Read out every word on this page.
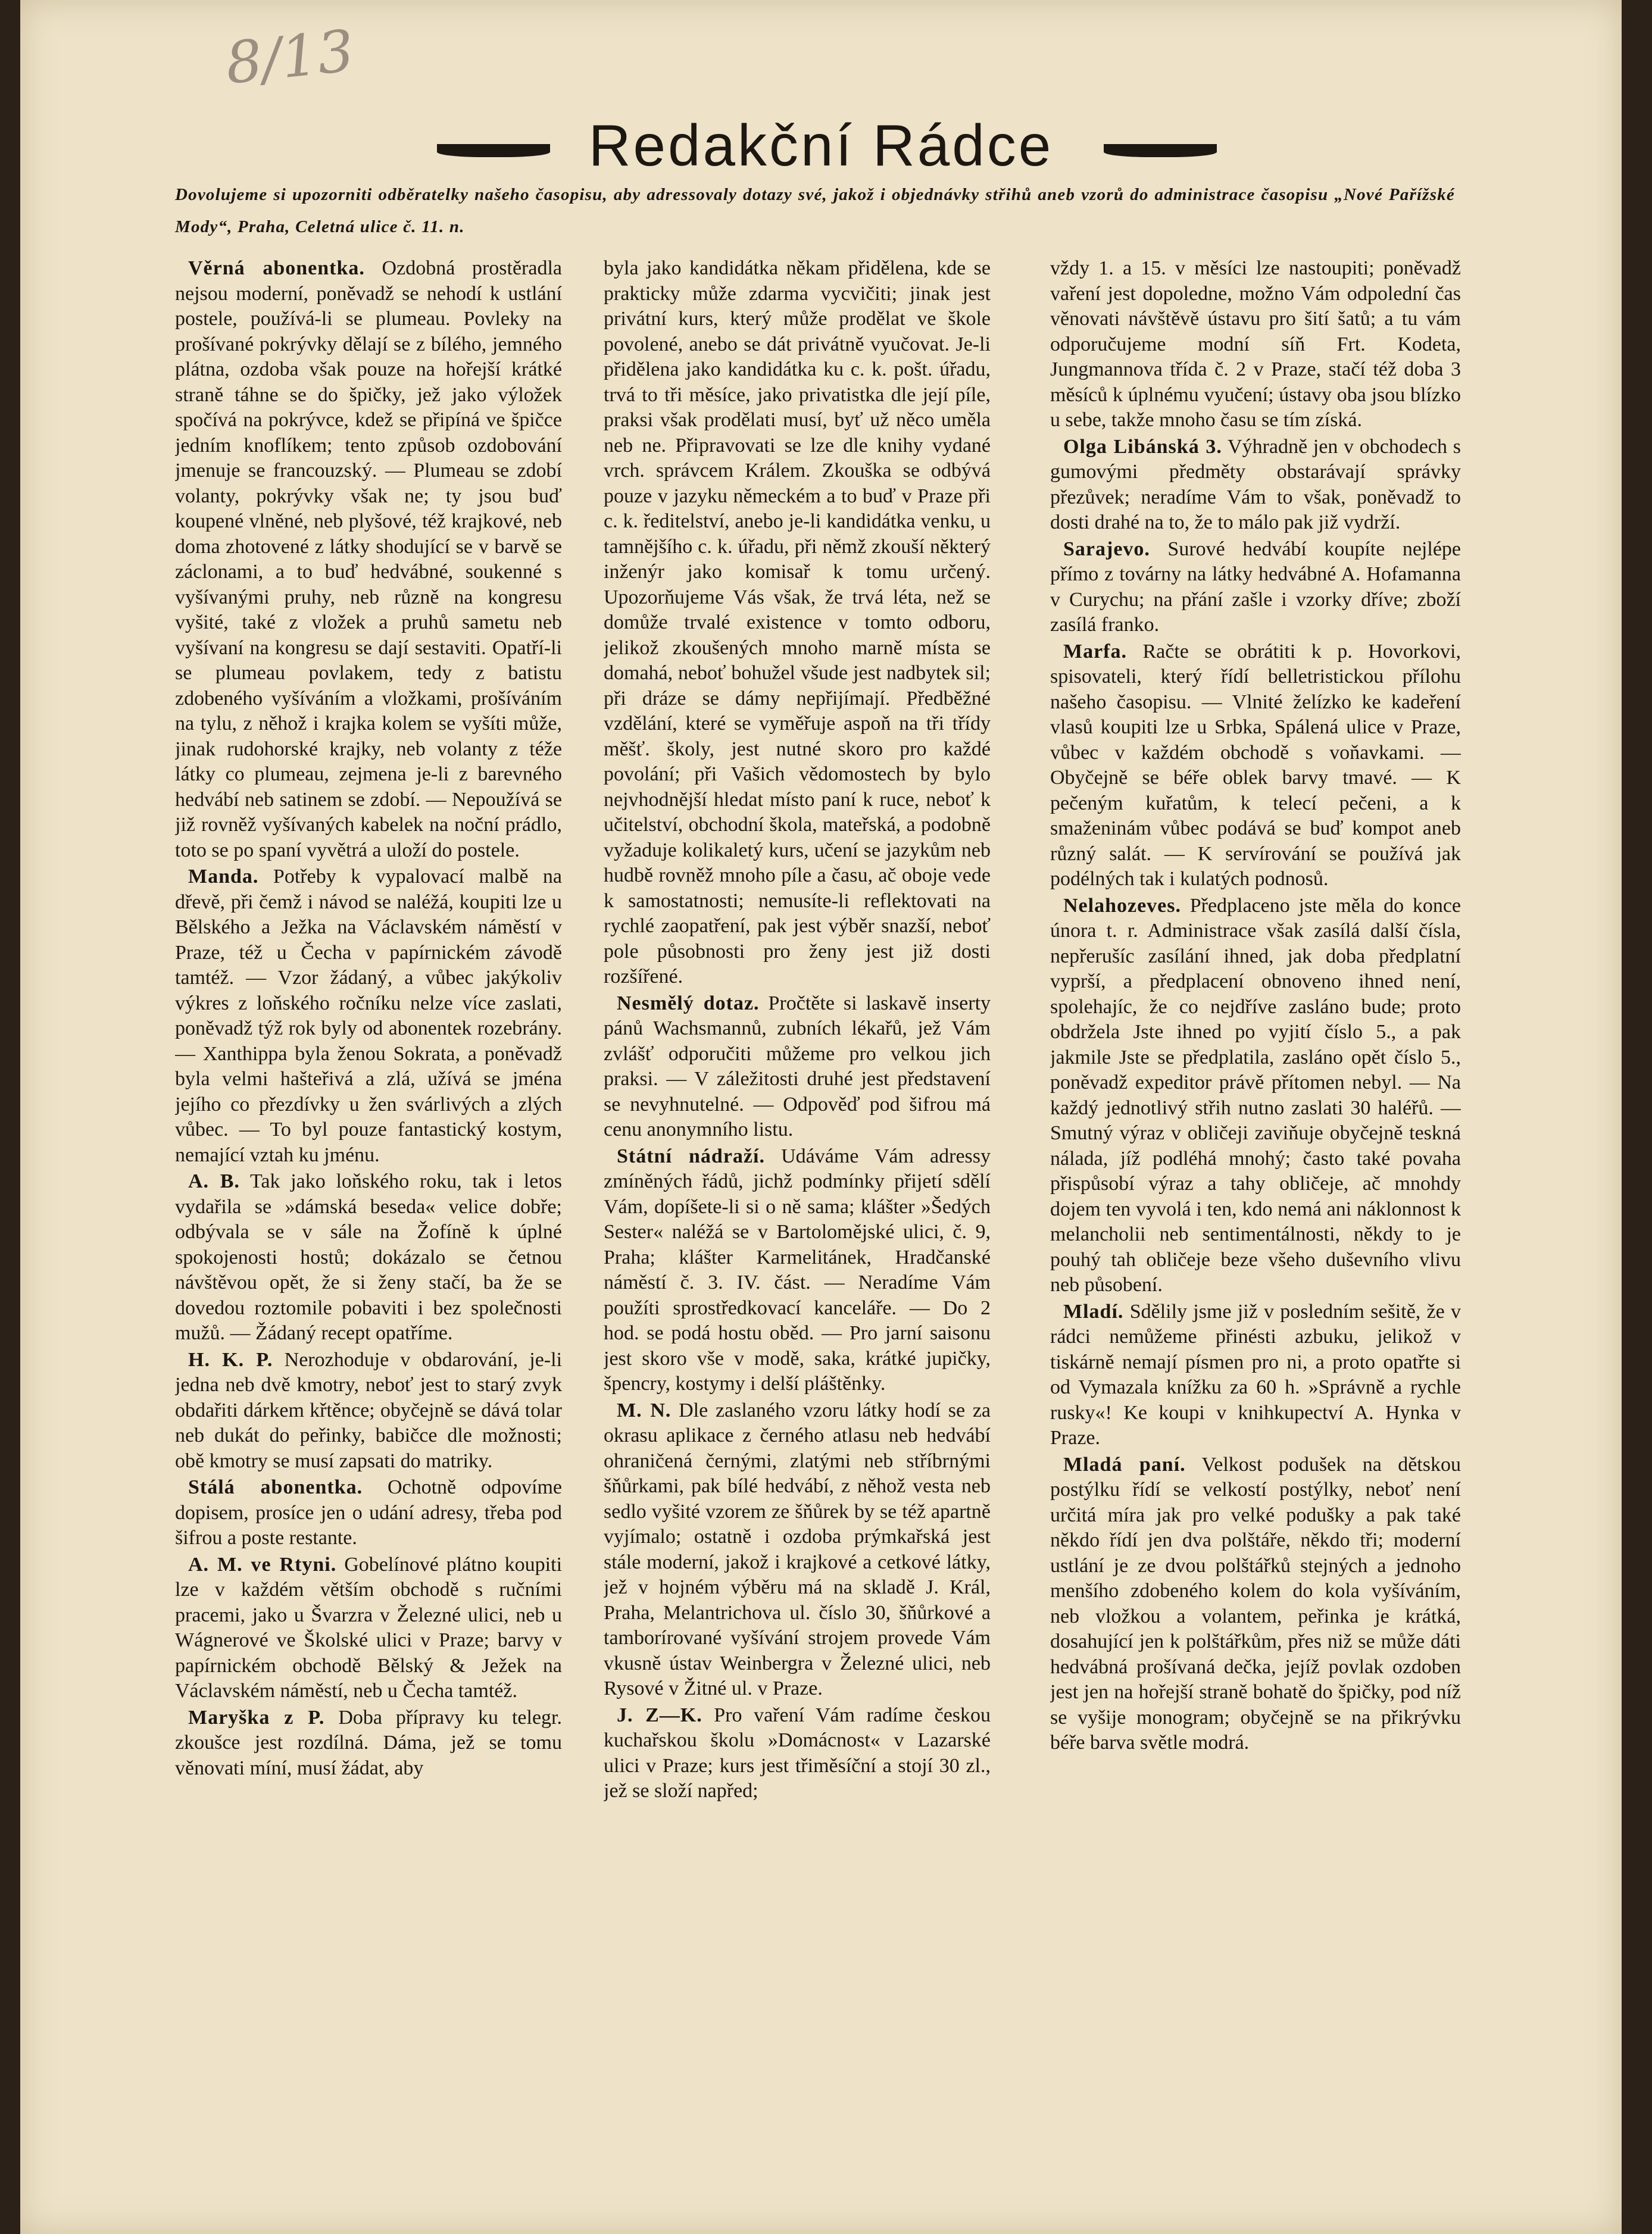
8/13
Redakční Rádce
Dovolujeme si upozorniti odběratelky našeho časopisu, aby adressovaly dotazy své, jakož i objednávky střihů aneb vzorů do administrace časopisu „Nové Pařížské Mody“, Praha, Celetná ulice č. 11. n.

Věrná abonentka. Ozdobná prostěradla nejsou moderní, poněvadž se nehodí k ustlání postele, používá-li se plumeau. Povleky na prošívané pokrývky dělají se z bílého, jemného plátna, ozdoba však pouze na hořejší krátké straně táhne se do špičky, jež jako výložek spočívá na pokrývce, kdež se připíná ve špičce jedním knoflíkem; tento způsob ozdobování jmenuje se francouzský. — Plumeau se zdobí volanty, pokrývky však ne; ty jsou buď koupené vlněné, neb plyšové, též krajkové, neb doma zhotovené z látky shodující se v barvě se záclonami, a to buď hedvábné, soukenné s vyšívanými pruhy, neb různě na kongresu vyšité, také z vložek a pruhů sametu neb vyšívaní na kongresu se dají sestaviti. Opatří-li se plumeau povlakem, tedy z batistu zdobeného vyšíváním a vložkami, prošíváním na tylu, z něhož i krajka kolem se vyšíti může, jinak rudohorské krajky, neb volanty z téže látky co plumeau, zejmena je-li z barevného hedvábí neb satinem se zdobí. — Nepoužívá se již rovněž vyšívaných kabelek na noční prádlo, toto se po spaní vyvětrá a uloží do postele.

Manda. Potřeby k vypalovací malbě na dřevě, při čemž i návod se naléžá, koupiti lze u Bělského a Ježka na Václavském náměstí v Praze, též u Čecha v papírnickém závodě tamtéž. — Vzor žádaný, a vůbec jakýkoliv výkres z loňského ročníku nelze více zaslati, poněvadž týž rok byly od abonentek rozebrány. — Xanthippa byla ženou Sokrata, a poněvadž byla velmi hašteřivá a zlá, užívá se jména jejího co přezdívky u žen svárlivých a zlých vůbec. — To byl pouze fantastický kostym, nemající vztah ku jménu.

A. B. Tak jako loňského roku, tak i letos vydařila se »dámská beseda« velice dobře; odbývala se v sále na Žofíně k úplné spokojenosti hostů; dokázalo se četnou návštěvou opět, že si ženy stačí, ba že se dovedou roztomile pobaviti i bez společnosti mužů. — Žádaný recept opatříme.

H. K. P. Nerozhoduje v obdarování, je-li jedna neb dvě kmotry, neboť jest to starý zvyk obdařiti dárkem křtěnce; obyčejně se dává tolar neb dukát do peřinky, babičce dle možnosti; obě kmotry se musí zapsati do matriky.

Stálá abonentka. Ochotně odpovíme dopisem, prosíce jen o udání adresy, třeba pod šifrou a poste restante.

A. M. ve Rtyni. Gobelínové plátno koupiti lze v každém větším obchodě s ručními pracemi, jako u Švarzra v Železné ulici, neb u Wágnerové ve Školské ulici v Praze; barvy v papírnickém obchodě Bělský & Ježek na Václavském náměstí, neb u Čecha tamtéž.

Maryška z P. Doba přípravy ku telegr. zkoušce jest rozdílná. Dáma, jež se tomu věnovati míní, musí žádat, aby

byla jako kandidátka někam přidělena, kde se prakticky může zdarma vycvičiti; jinak jest privátní kurs, který může prodělat ve škole povolené, anebo se dát privátně vyučovat. Je-li přidělena jako kandidátka ku c. k. pošt. úřadu, trvá to tři měsíce, jako privatistka dle její píle, praksi však prodělati musí, byť už něco uměla neb ne. Připravovati se lze dle knihy vydané vrch. správcem Králem. Zkouška se odbývá pouze v jazyku německém a to buď v Praze při c. k. ředitelství, anebo je-li kandidátka venku, u tamnějšího c. k. úřadu, při němž zkouší některý inženýr jako komisař k tomu určený. Upozorňujeme Vás však, že trvá léta, než se domůže trvalé existence v tomto odboru, jelikož zkoušených mnoho marně místa se domahá, neboť bohužel všude jest nadbytek sil; při dráze se dámy nepřijímají. Předběžné vzdělání, které se vyměřuje aspoň na tři třídy měšť. školy, jest nutné skoro pro každé povolání; při Vašich vědomostech by bylo nejvhodnější hledat místo paní k ruce, neboť k učitelství, obchodní škola, mateřská, a podobně vyžaduje kolikaletý kurs, učení se jazykům neb hudbě rovněž mnoho píle a času, ač oboje vede k samostatnosti; nemusíte-li reflektovati na rychlé zaopatření, pak jest výběr snazší, neboť pole působnosti pro ženy jest již dosti rozšířené.

Nesmělý dotaz. Pročtěte si laskavě inserty pánů Wachsmannů, zubních lékařů, jež Vám zvlášť odporučiti můžeme pro velkou jich praksi. — V záležitosti druhé jest představení se nevyhnutelné. — Odpověď pod šifrou má cenu anonymního listu.

Státní nádraží. Udáváme Vám adressy zmíněných řádů, jichž podmínky přijetí sdělí Vám, dopíšete-li si o ně sama; klášter »Šedých Sester« naléžá se v Bartolomějské ulici, č. 9, Praha; klášter Karmelitánek, Hradčanské náměstí č. 3. IV. část. — Neradíme Vám použíti sprostředkovací kanceláře. — Do 2 hod. se podá hostu oběd. — Pro jarní saisonu jest skoro vše v modě, saka, krátké jupičky, špencry, kostymy i delší pláštěnky.

M. N. Dle zaslaného vzoru látky hodí se za okrasu aplikace z černého atlasu neb hedvábí ohraničená černými, zlatými neb stříbrnými šňůrkami, pak bílé hedvábí, z něhož vesta neb sedlo vyšité vzorem ze šňůrek by se též apartně vyjímalo; ostatně i ozdoba prýmkařská jest stále moderní, jakož i krajkové a cetkové látky, jež v hojném výběru má na skladě J. Král, Praha, Melantrichova ul. číslo 30, šňůrkové a tamborírované vyšívání strojem provede Vám vkusně ústav Weinbergra v Železné ulici, neb Rysové v Žitné ul. v Praze.

J. Z—K. Pro vaření Vám radíme českou kuchařskou školu »Domácnost« v Lazarské ulici v Praze; kurs jest třiměsíční a stojí 30 zl., jež se složí napřed;

vždy 1. a 15. v měsíci lze nastoupiti; poněvadž vaření jest dopoledne, možno Vám odpolední čas věnovati návštěvě ústavu pro šití šatů; a tu vám odporučujeme modní síň Frt. Kodeta, Jungmannova třída č. 2 v Praze, stačí též doba 3 měsíců k úplnému vyučení; ústavy oba jsou blízko u sebe, takže mnoho času se tím získá.

Olga Libánská 3. Výhradně jen v obchodech s gumovými předměty obstarávají správky přezůvek; neradíme Vám to však, poněvadž to dosti drahé na to, že to málo pak již vydrží.

Sarajevo. Surové hedvábí koupíte nejlépe přímo z továrny na látky hedvábné A. Hofamanna v Curychu; na přání zašle i vzorky dříve; zboží zasílá franko.

Marfa. Račte se obrátiti k p. Hovorkovi, spisovateli, který řídí belletristickou přílohu našeho časopisu. — Vlnité želízko ke kadeření vlasů koupiti lze u Srbka, Spálená ulice v Praze, vůbec v každém obchodě s voňavkami. — Obyčejně se béře oblek barvy tmavé. — K pečeným kuřatům, k telecí pečeni, a k smaženinám vůbec podává se buď kompot aneb různý salát. — K servírování se používá jak podélných tak i kulatých podnosů.

Nelahozeves. Předplaceno jste měla do konce února t. r. Administrace však zasílá další čísla, nepřerušíc zasílání ihned, jak doba předplatní vyprší, a předplacení obnoveno ihned není, spolehajíc, že co nejdříve zasláno bude; proto obdržela Jste ihned po vyjití číslo 5., a pak jakmile Jste se předplatila, zasláno opět číslo 5., poněvadž expeditor právě přítomen nebyl. — Na každý jednotlivý střih nutno zaslati 30 haléřů. — Smutný výraz v obličeji zaviňuje obyčejně teskná nálada, jíž podléhá mnohý; často také povaha přispůsobí výraz a tahy obličeje, ač mnohdy dojem ten vyvolá i ten, kdo nemá ani náklonnost k melancholii neb sentimentálnosti, někdy to je pouhý tah obličeje beze všeho duševního vlivu neb působení.

Mladí. Sdělily jsme již v posledním sešitě, že v rádci nemůžeme přinésti azbuku, jelikož v tiskárně nemají písmen pro ni, a proto opatřte si od Vymazala knížku za 60 h. »Správně a rychle rusky«! Ke koupi v knihkupectví A. Hynka v Praze.

Mladá paní. Velkost podušek na dětskou postýlku řídí se velkostí postýlky, neboť není určitá míra jak pro velké podušky a pak také někdo řídí jen dva polštáře, někdo tři; moderní ustlání je ze dvou polštářků stejných a jednoho menšího zdobeného kolem do kola vyšíváním, neb vložkou a volantem, peřinka je krátká, dosahující jen k polštářkům, přes niž se může dáti hedvábná prošívaná dečka, jejíž povlak ozdoben jest jen na hořejší straně bohatě do špičky, pod níž se vyšije monogram; obyčejně se na přikrývku béře barva světle modrá.
